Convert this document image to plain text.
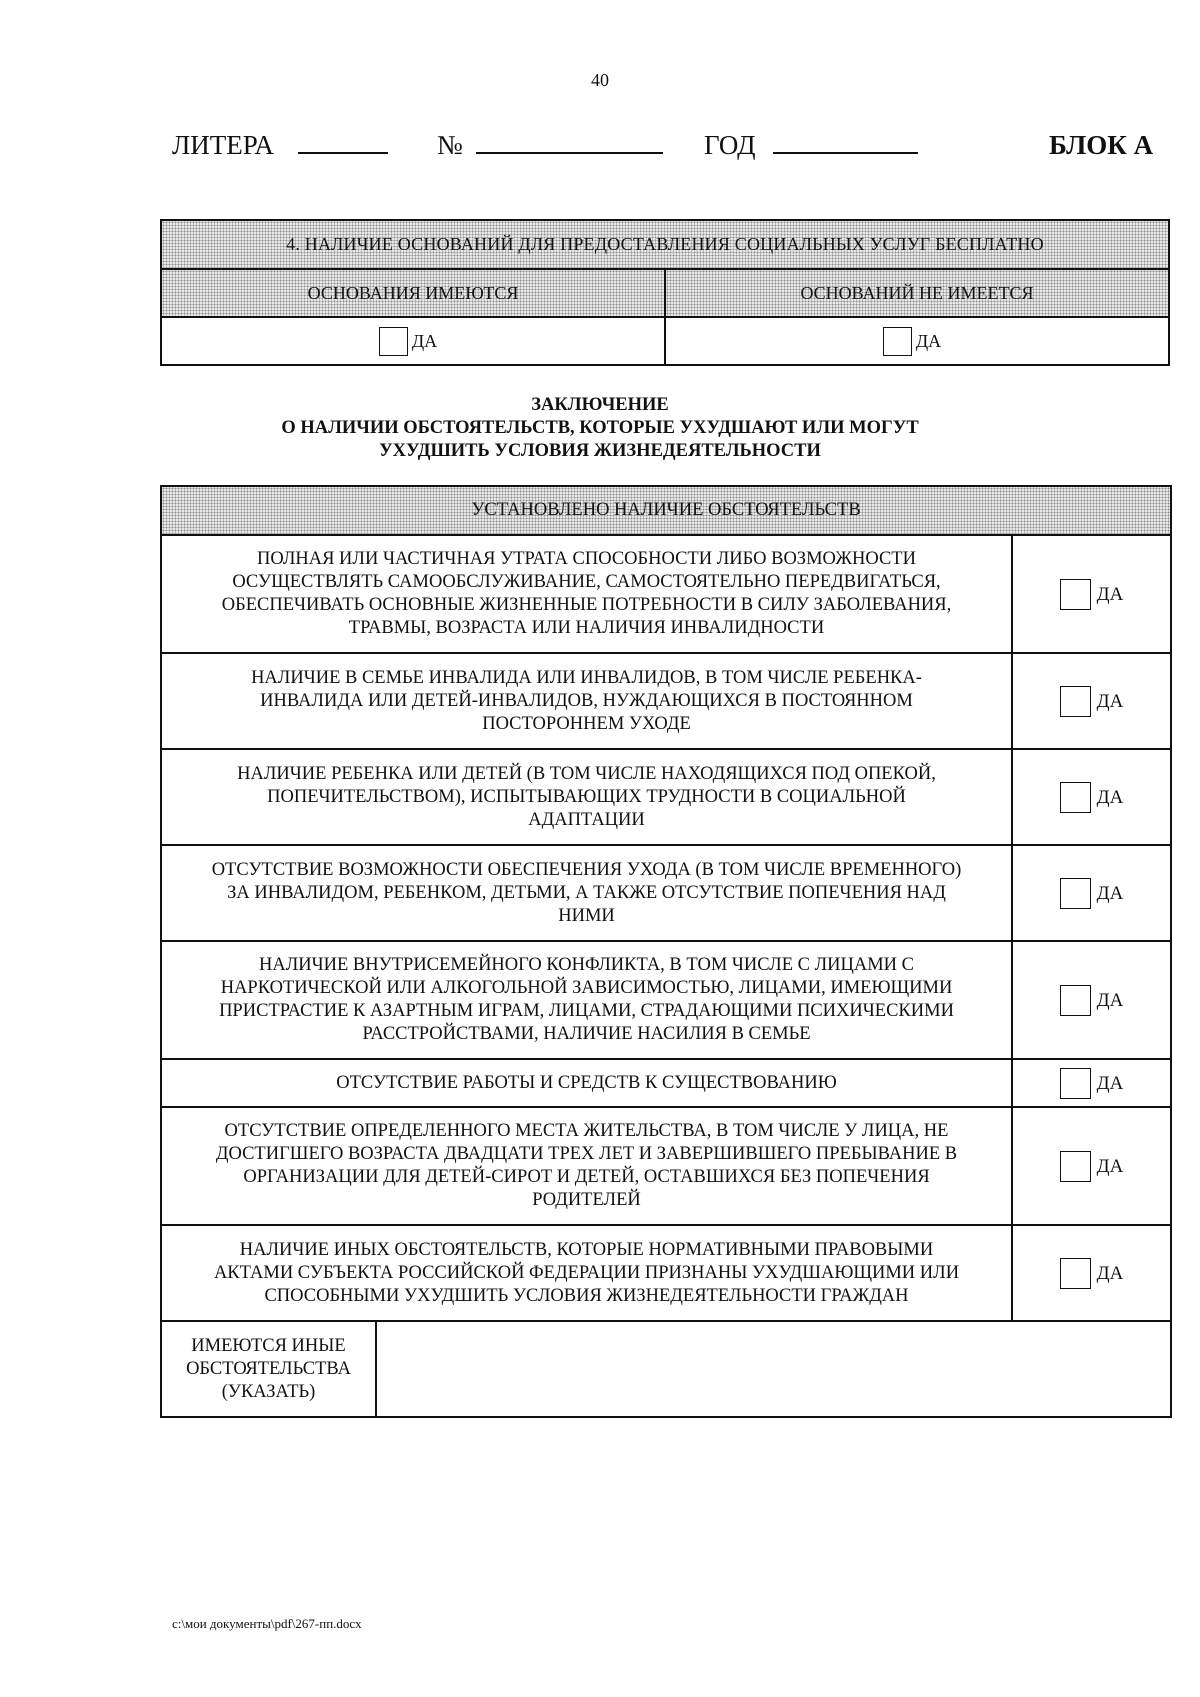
40
ЛИТЕРА	№	ГОД	БЛОК А
4. НАЛИЧИЕ ОСНОВАНИЙ ДЛЯ ПРЕДОСТАВЛЕНИЯ СОЦИАЛЬНЫХ УСЛУГ БЕСПЛАТНО	
ОСНОВАНИЯ ИМЕЮТСЯ	ОСНОВАНИЙ НЕ ИМЕЕТСЯ
ДА	ДА
ЗАКЛЮЧЕНИЕ
О НАЛИЧИИ ОБСТОЯТЕЛЬСТВ, КОТОРЫЕ УХУДШАЮТ ИЛИ МОГУТ
УХУДШИТЬ УСЛОВИЯ ЖИЗНЕДЕЯТЕЛЬНОСТИ
УСТАНОВЛЕНО НАЛИЧИЕ ОБСТОЯТЕЛЬСТВ		

ПОЛНАЯ ИЛИ ЧАСТИЧНАЯ УТРАТА СПОСОБНОСТИ ЛИБО ВОЗМОЖНОСТИ
ОСУЩЕСТВЛЯТЬ САМООБСЛУЖИВАНИЕ, САМОСТОЯТЕЛЬНО ПЕРЕДВИГАТЬСЯ,
ОБЕСПЕЧИВАТЬ ОСНОВНЫЕ ЖИЗНЕННЫЕ ПОТРЕБНОСТИ В СИЛУ ЗАБОЛЕВАНИЯ,
ТРАВМЫ, ВОЗРАСТА ИЛИ НАЛИЧИЯ ИНВАЛИДНОСТИ		ДА

НАЛИЧИЕ В СЕМЬЕ ИНВАЛИДА ИЛИ ИНВАЛИДОВ, В ТОМ ЧИСЛЕ РЕБЕНКА-
ИНВАЛИДА ИЛИ ДЕТЕЙ-ИНВАЛИДОВ, НУЖДАЮЩИХСЯ В ПОСТОЯННОМ
ПОСТОРОННЕМ УХОДЕ		ДА

НАЛИЧИЕ РЕБЕНКА ИЛИ ДЕТЕЙ (В ТОМ ЧИСЛЕ НАХОДЯЩИХСЯ ПОД ОПЕКОЙ,
ПОПЕЧИТЕЛЬСТВОМ), ИСПЫТЫВАЮЩИХ ТРУДНОСТИ В СОЦИАЛЬНОЙ
АДАПТАЦИИ		ДА

ОТСУТСТВИЕ ВОЗМОЖНОСТИ ОБЕСПЕЧЕНИЯ УХОДА (В ТОМ ЧИСЛЕ ВРЕМЕННОГО)
ЗА ИНВАЛИДОМ, РЕБЕНКОМ, ДЕТЬМИ, А ТАКЖЕ ОТСУТСТВИЕ ПОПЕЧЕНИЯ НАД
НИМИ		ДА

НАЛИЧИЕ ВНУТРИСЕМЕЙНОГО КОНФЛИКТА, В ТОМ ЧИСЛЕ С ЛИЦАМИ С
НАРКОТИЧЕСКОЙ ИЛИ АЛКОГОЛЬНОЙ ЗАВИСИМОСТЬЮ, ЛИЦАМИ, ИМЕЮЩИМИ
ПРИСТРАСТИЕ К АЗАРТНЫМ ИГРАМ, ЛИЦАМИ, СТРАДАЮЩИМИ ПСИХИЧЕСКИМИ
РАССТРОЙСТВАМИ, НАЛИЧИЕ НАСИЛИЯ В СЕМЬЕ		ДА

ОТСУТСТВИЕ РАБОТЫ И СРЕДСТВ К СУЩЕСТВОВАНИЮ		ДА

ОТСУТСТВИЕ ОПРЕДЕЛЕННОГО МЕСТА ЖИТЕЛЬСТВА, В ТОМ ЧИСЛЕ У ЛИЦА, НЕ
ДОСТИГШЕГО ВОЗРАСТА ДВАДЦАТИ ТРЕХ ЛЕТ И ЗАВЕРШИВШЕГО ПРЕБЫВАНИЕ В
ОРГАНИЗАЦИИ ДЛЯ ДЕТЕЙ-СИРОТ И ДЕТЕЙ, ОСТАВШИХСЯ БЕЗ ПОПЕЧЕНИЯ
РОДИТЕЛЕЙ		ДА

НАЛИЧИЕ ИНЫХ ОБСТОЯТЕЛЬСТВ, КОТОРЫЕ НОРМАТИВНЫМИ ПРАВОВЫМИ
АКТАМИ СУБЪЕКТА РОССИЙСКОЙ ФЕДЕРАЦИИ ПРИЗНАНЫ УХУДШАЮЩИМИ ИЛИ
СПОСОБНЫМИ УХУДШИТЬ УСЛОВИЯ ЖИЗНЕДЕЯТЕЛЬНОСТИ ГРАЖДАН		ДА

ИМЕЮТСЯ ИНЫЕ
ОБСТОЯТЕЛЬСТВА
(УКАЗАТЬ)		

c:\мои документы\pdf\267-пп.docx
